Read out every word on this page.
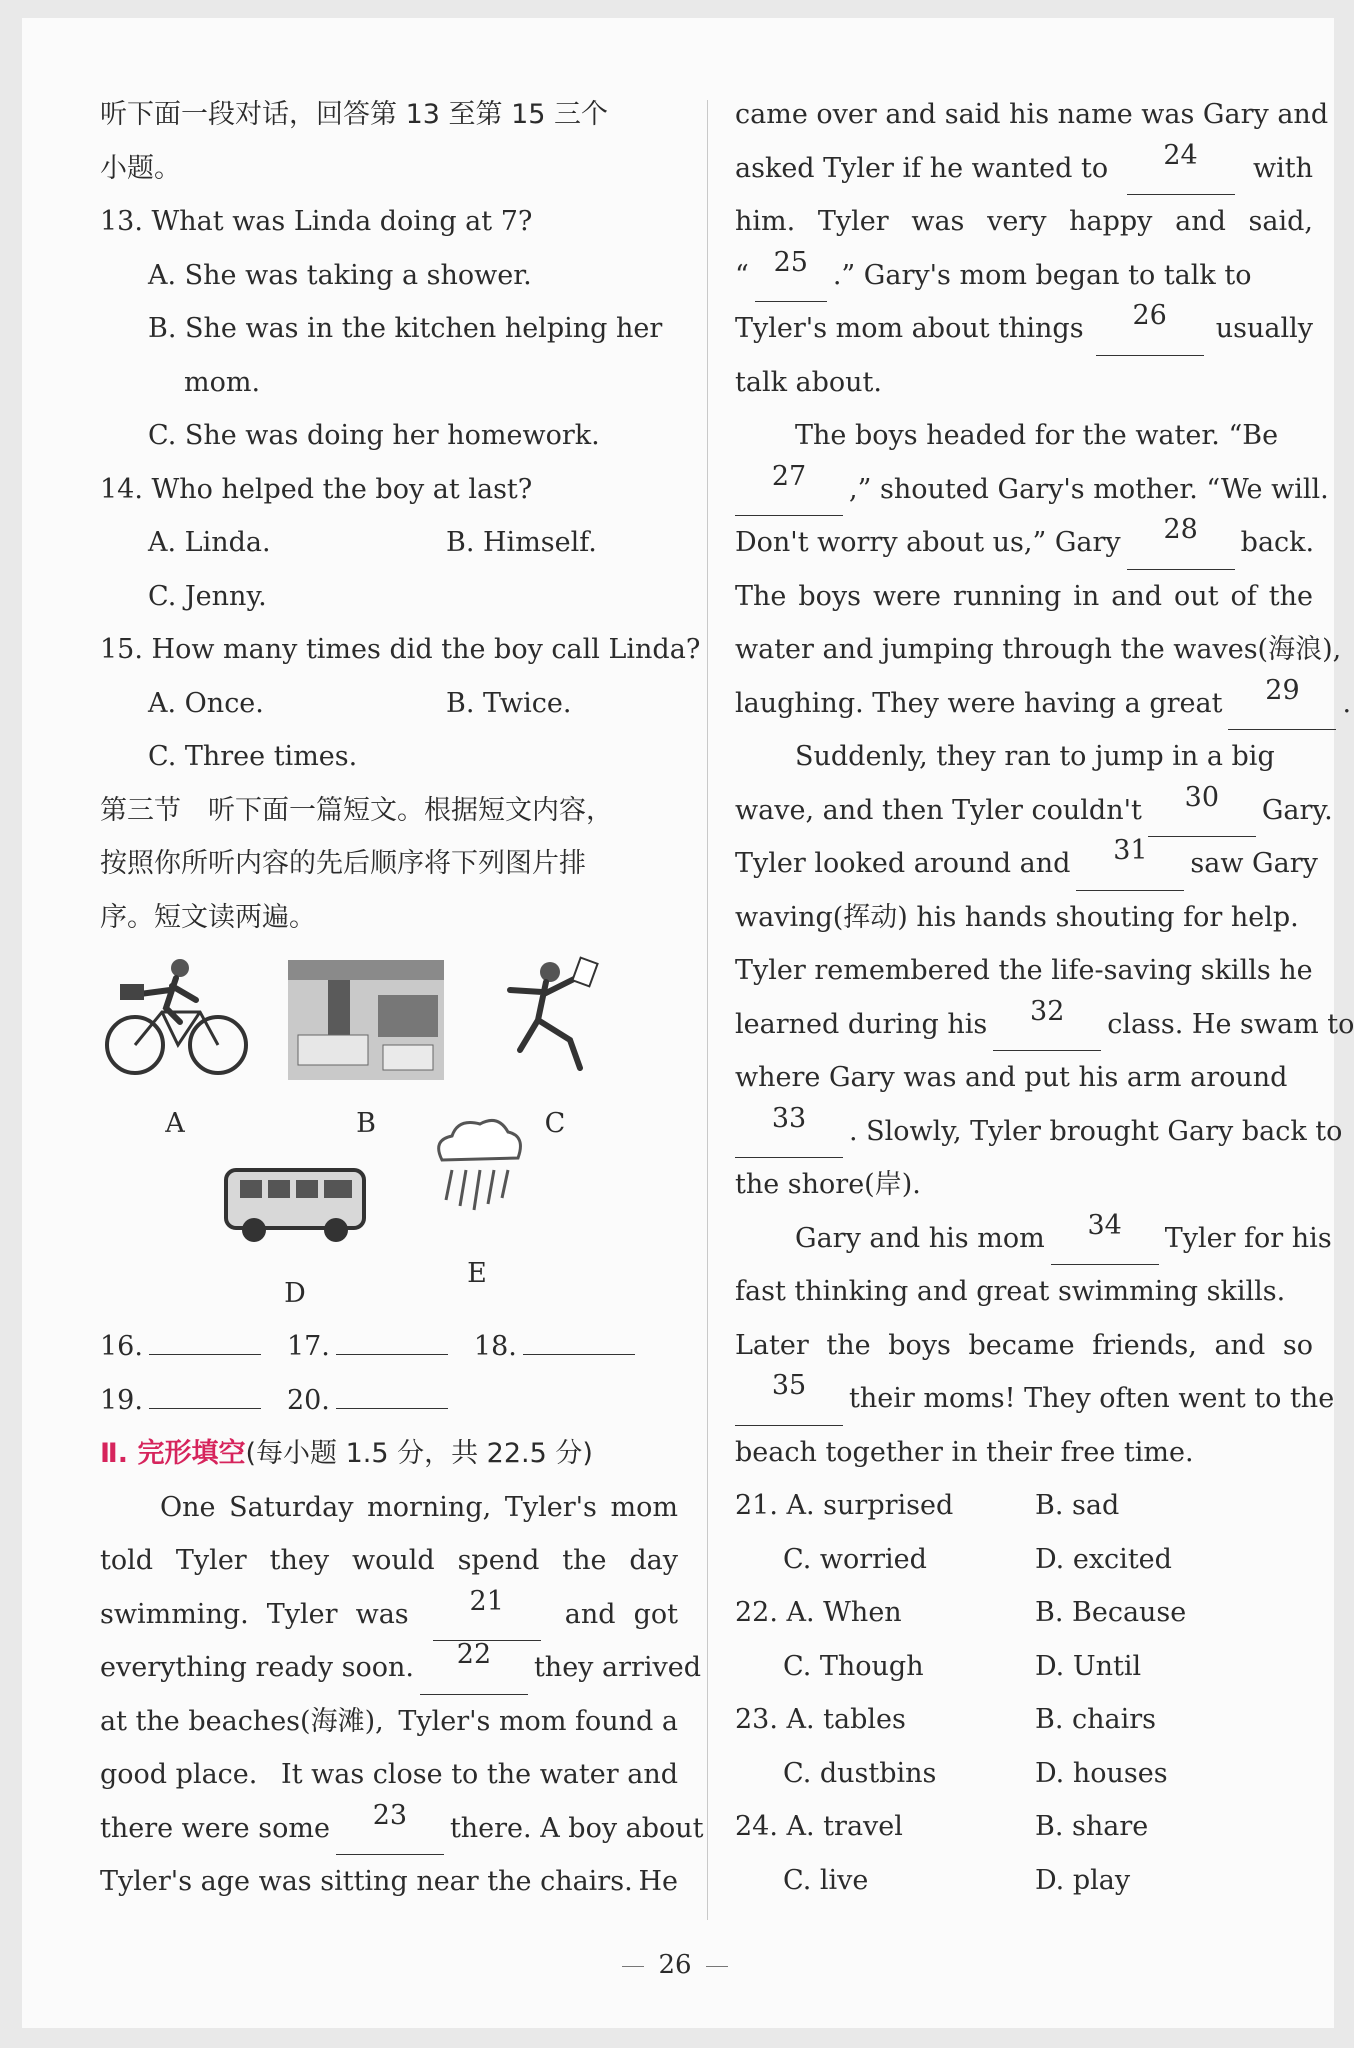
听下面一段对话，回答第 13 至第 15 三个
小题。
13. What was Linda doing at 7?
A. She was taking a shower.
B. She was in the kitchen helping her
mom.
C. She was doing her homework.
14. Who helped the boy at last?
A. Linda.	B. Himself.
C. Jenny.
15. How many times did the boy call Linda?
A. Once.	B. Twice.
C. Three times.
第三节　听下面一篇短文。根据短文内容，
按照你所听内容的先后顺序将下列图片排
序。短文读两遍。
A	B	C
D
E
16.	17.	18.
19.	20.
Ⅱ. 完形填空 (每小题 1.5 分，共 22.5 分)
One Saturday morning, Tyler's mom
told Tyler they would spend the day
swimming. Tyler was	21	and got
everything ready soon.	22	they arrived
at the beaches(海滩), Tyler's mom found a
good place. It was close to the water and
there were some	23	there. A boy about
Tyler's age was sitting near the chairs. He
came over and said his name was Gary and
asked Tyler if he wanted to	24	with
him. Tyler was very happy and said,
“ 25 .” Gary's mom began to talk to
Tyler's mom about things	26	usually
talk about.
The boys headed for the water. “Be
27	,” shouted Gary's mother. “We will.
Don't worry about us,” Gary	28	back.
The boys were running in and out of the
water and jumping through the waves(海浪),
laughing. They were having a great	29	.
Suddenly, they ran to jump in a big
wave, and then Tyler couldn't	30	Gary.
Tyler looked around and	31	saw Gary
waving(挥动) his hands shouting for help.
Tyler remembered the life-saving skills he
learned during his	32	class. He swam to
where Gary was and put his arm around
33	. Slowly, Tyler brought Gary back to
the shore(岸).
Gary and his mom	34	Tyler for his
fast thinking and great swimming skills.
Later the boys became friends, and so
35	their moms! They often went to the
beach together in their free time.
21. A. surprised	B. sad
C. worried	D. excited
22. A. When	B. Because
C. Though	D. Until
23. A. tables	B. chairs
C. dustbins	D. houses
24. A. travel	B. share
C. live	D. play
26
